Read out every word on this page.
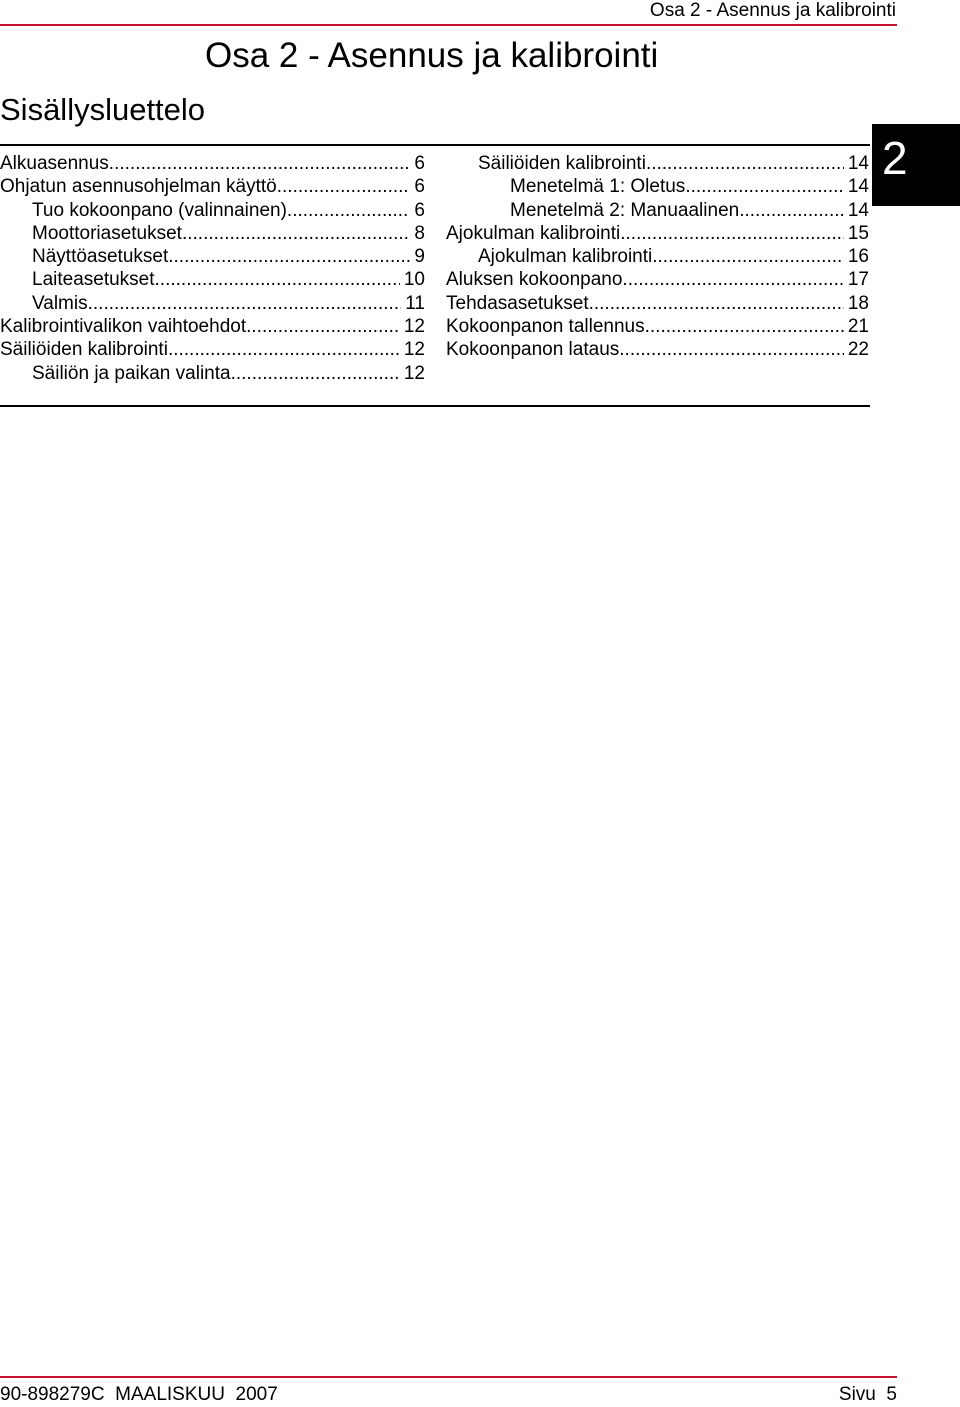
Osa 2 - Asennus ja kalibrointi
Osa 2 - Asennus ja kalibrointi
Sisällysluettelo
2
Alkuasennus .....	6
Ohjatun asennusohjelman käyttö .....	6
Tuo kokoonpano (valinnainen) .....	6
Moottoriasetukset .....	8
Näyttöasetukset .....	9
Laiteasetukset .....	10
Valmis .....	11
Kalibrointivalikon vaihtoehdot .....	12
Säiliöiden kalibrointi .....	12
Säiliön ja paikan valinta .....	12
Säiliöiden kalibrointi .....	14
Menetelmä 1: Oletus .....	14
Menetelmä 2: Manuaalinen .....	14
Ajokulman kalibrointi .....	15
Ajokulman kalibrointi .....	16
Aluksen kokoonpano .....	17
Tehdasasetukset .....	18
Kokoonpanon tallennus .....	21
Kokoonpanon lataus .....	22
90-898279C  MAALISKUU  2007	Sivu  5
